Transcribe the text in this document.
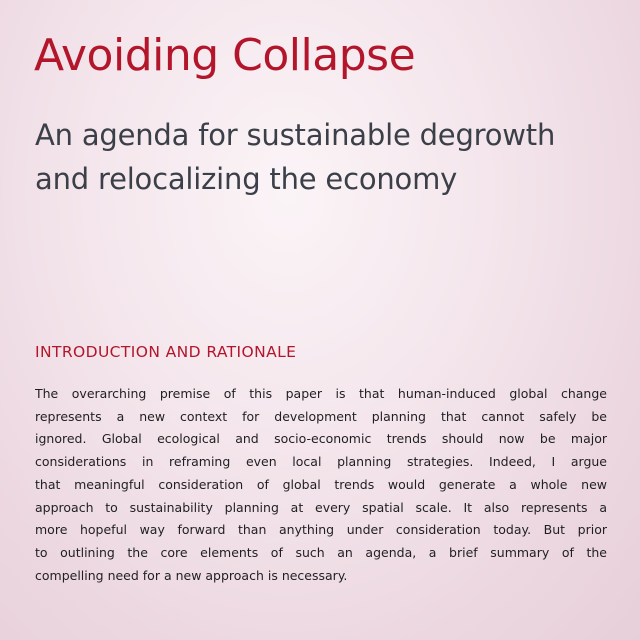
Avoiding Collapse
An agenda for sustainable degrowth
and relocalizing the economy
INTRODUCTION AND RATIONALE
The overarching premise of this paper is that human-induced global change
represents a new context for development planning that cannot safely be
ignored. Global ecological and socio-economic trends should now be major
considerations in reframing even local planning strategies. Indeed, I argue
that meaningful consideration of global trends would generate a whole new
approach to sustainability planning at every spatial scale. It also represents a
more hopeful way forward than anything under consideration today. But prior
to outlining the core elements of such an agenda, a brief summary of the
compelling need for a new approach is necessary.
